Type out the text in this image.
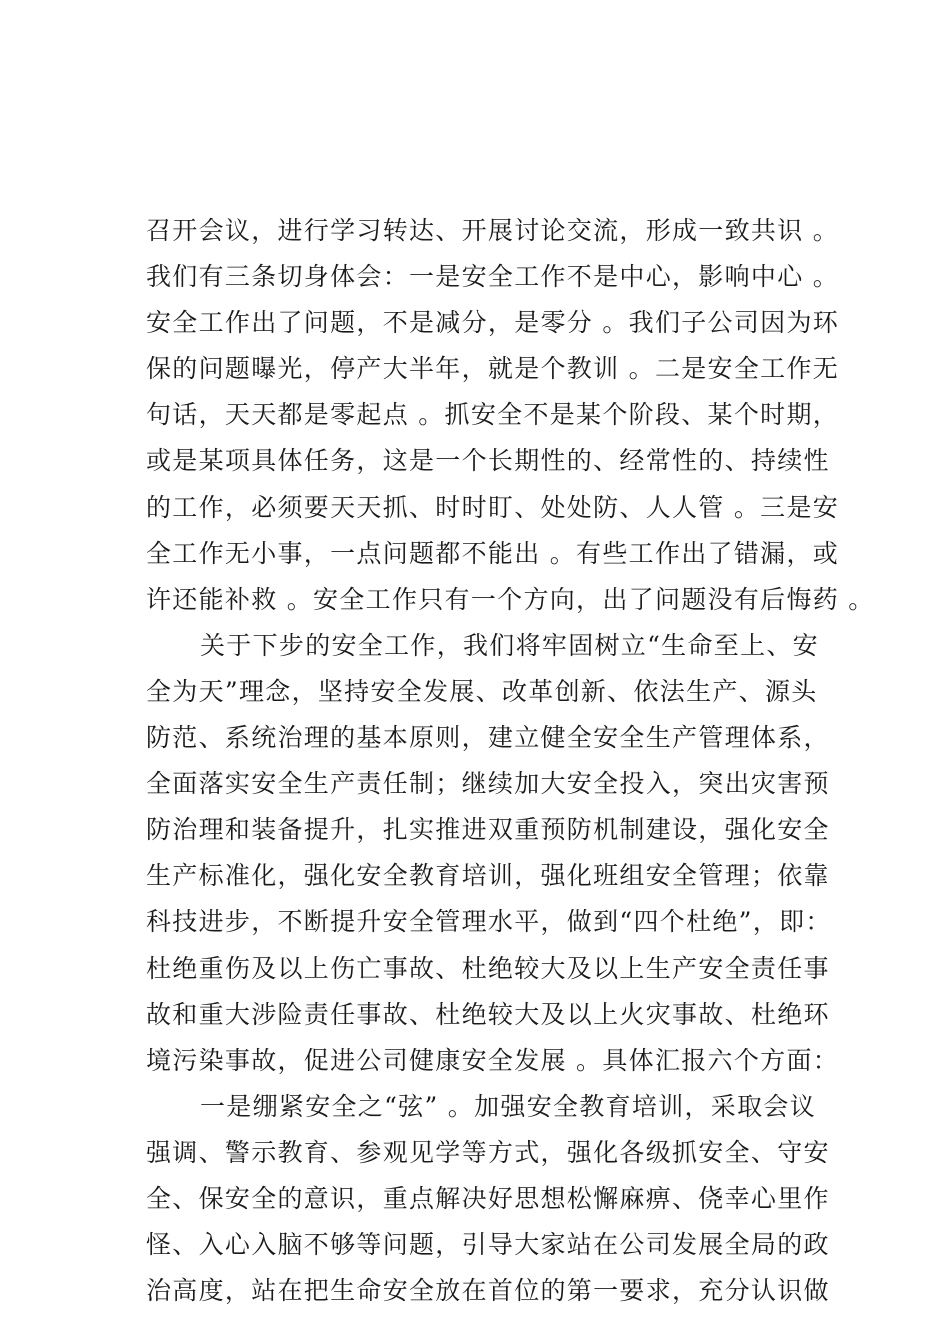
召开会议，进行学习转达、开展讨论交流，形成一致共识 。
我们有三条切身体会：一是安全工作不是中心，影响中心 。
安全工作出了问题，不是减分，是零分 。我们子公司因为环
保的问题曝光，停产大半年，就是个教训 。二是安全工作无
句话，天天都是零起点 。抓安全不是某个阶段、某个时期，
或是某项具体任务，这是一个长期性的、经常性的、持续性
的工作，必须要天天抓、时时盯、处处防、人人管 。三是安
全工作无小事，一点问题都不能出 。有些工作出了错漏，或
许还能补救 。安全工作只有一个方向，出了问题没有后悔药 。
关于下步的安全工作，我们将牢固树立“生命至上、安
全为天”理念，坚持安全发展、改革创新、依法生产、源头
防范、系统治理的基本原则，建立健全安全生产管理体系，
全面落实安全生产责任制；继续加大安全投入，突出灾害预
防治理和装备提升，扎实推进双重预防机制建设，强化安全
生产标准化，强化安全教育培训，强化班组安全管理；依靠
科技进步，不断提升安全管理水平，做到“四个杜绝”，即：
杜绝重伤及以上伤亡事故、杜绝较大及以上生产安全责任事
故和重大涉险责任事故、杜绝较大及以上火灾事故、杜绝环
境污染事故，促进公司健康安全发展 。具体汇报六个方面：
一是绷紧安全之“弦” 。加强安全教育培训，采取会议
强调、警示教育、参观见学等方式，强化各级抓安全、守安
全、保安全的意识，重点解决好思想松懈麻痹、侥幸心里作
怪、入心入脑不够等问题，引导大家站在公司发展全局的政
治高度，站在把生命安全放在首位的第一要求，充分认识做
